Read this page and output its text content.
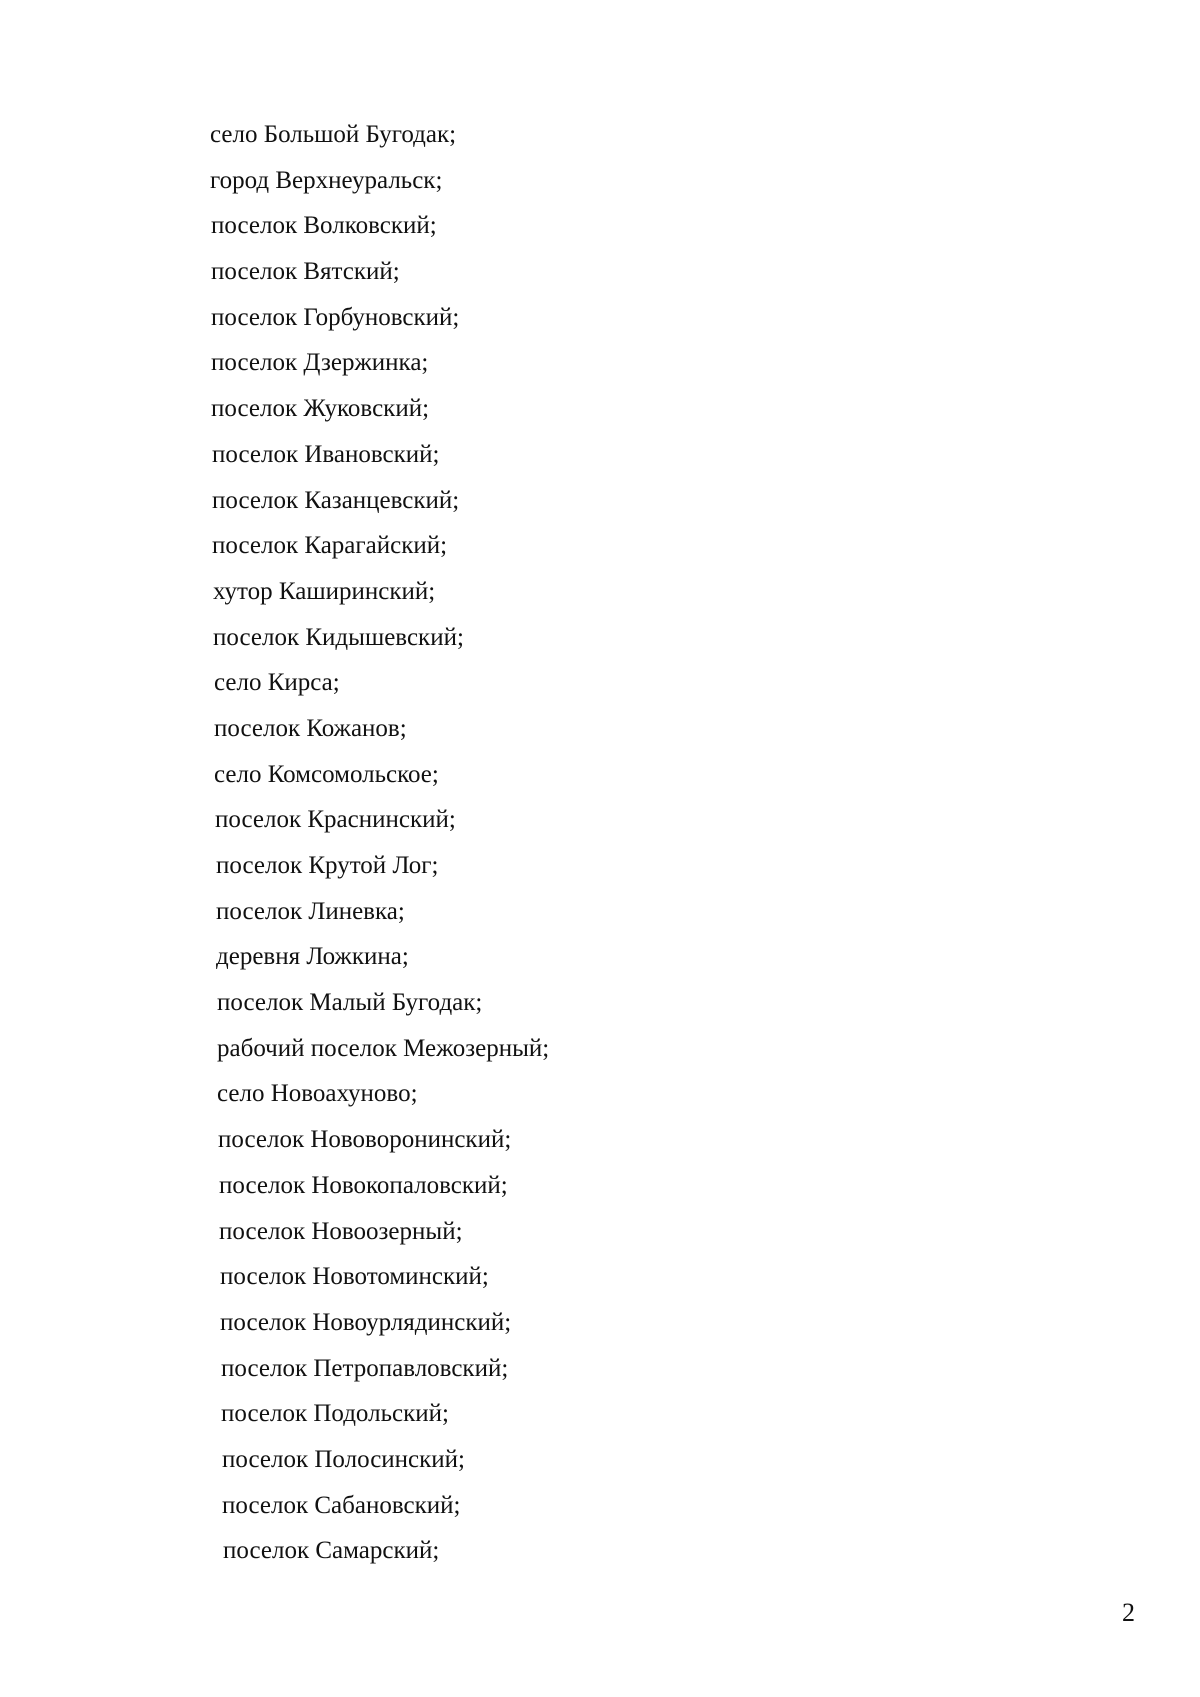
село Большой Бугодак;
город Верхнеуральск;
поселок Волковский;
поселок Вятский;
поселок Горбуновский;
поселок Дзержинка;
поселок Жуковский;
поселок Ивановский;
поселок Казанцевский;
поселок Карагайский;
хутор Каширинский;
поселок Кидышевский;
село Кирса;
поселок Кожанов;
село Комсомольское;
поселок Краснинский;
поселок Крутой Лог;
поселок Линевка;
деревня Ложкина;
поселок Малый Бугодак;
рабочий поселок Межозерный;
село Новоахуново;
поселок Нововоронинский;
поселок Новокопаловский;
поселок Новоозерный;
поселок Новотоминский;
поселок Новоурлядинский;
поселок Петропавловский;
поселок Подольский;
поселок Полосинский;
поселок Сабановский;
поселок Самарский;
2
